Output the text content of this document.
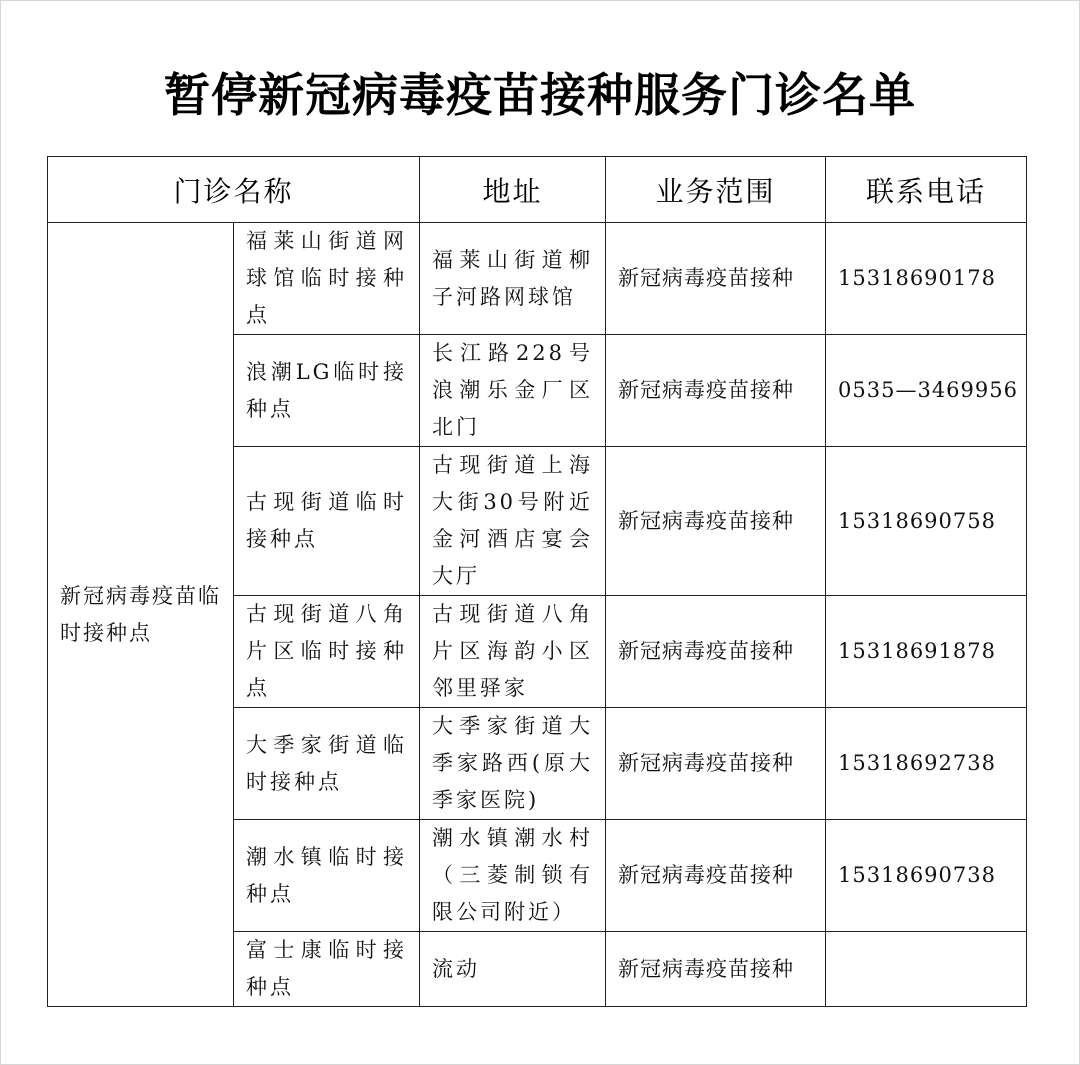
暂停新冠病毒疫苗接种服务门诊名单
门诊名称		地址	业务范围	联系电话

新冠病毒疫苗临时接种点	福莱山街道网球馆临时接种点	福莱山街道柳子河路网球馆	新冠病毒疫苗接种	15318690178

	浪潮LG临时接种点	长江路228号浪潮乐金厂区北门	新冠病毒疫苗接种	0535—3469956

	古现街道临时接种点	古现街道上海大街30号附近金河酒店宴会大厅	新冠病毒疫苗接种	15318690758

	古现街道八角片区临时接种点	古现街道八角片区海韵小区邻里驿家	新冠病毒疫苗接种	15318691878

	大季家街道临时接种点	大季家街道大季家路西(原大季家医院)	新冠病毒疫苗接种	15318692738

	潮水镇临时接种点	潮水镇潮水村（三菱制锁有限公司附近）	新冠病毒疫苗接种	15318690738

	富士康临时接种点	流动	新冠病毒疫苗接种	
